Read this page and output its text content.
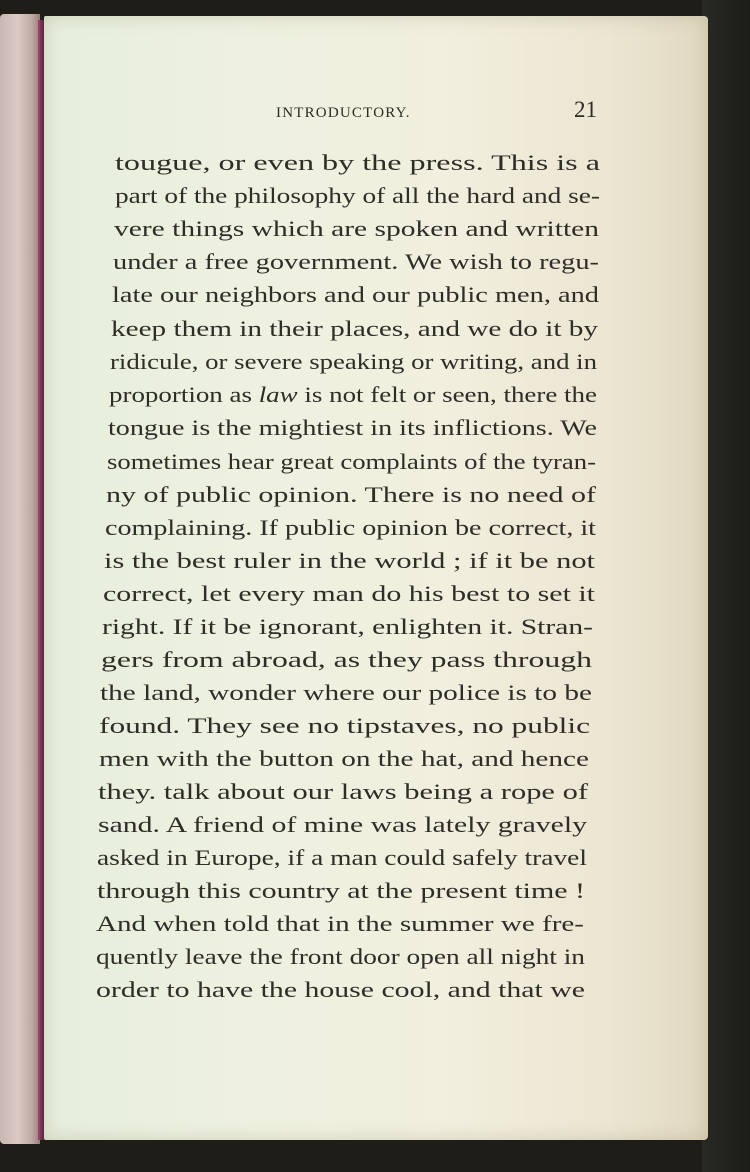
INTRODUCTORY.	21
tougue, or even by the press. This is a
part of the philosophy of all the hard and se-
vere things which are spoken and written
under a free government. We wish to regu-
late our neighbors and our public men, and
keep them in their places, and we do it by
ridicule, or severe speaking or writing, and in
proportion as law is not felt or seen, there the
tongue is the mightiest in its inflictions. We
sometimes hear great complaints of the tyran-
ny of public opinion. There is no need of
complaining. If public opinion be correct, it
is the best ruler in the world ; if it be not
correct, let every man do his best to set it
right. If it be ignorant, enlighten it. Stran-
gers from abroad, as they pass through
the land, wonder where our police is to be
found. They see no tipstaves, no public
men with the button on the hat, and hence
they. talk about our laws being a rope of
sand. A friend of mine was lately gravely
asked in Europe, if a man could safely travel
through this country at the present time !
And when told that in the summer we fre-
quently leave the front door open all night in
order to have the house cool, and that we
